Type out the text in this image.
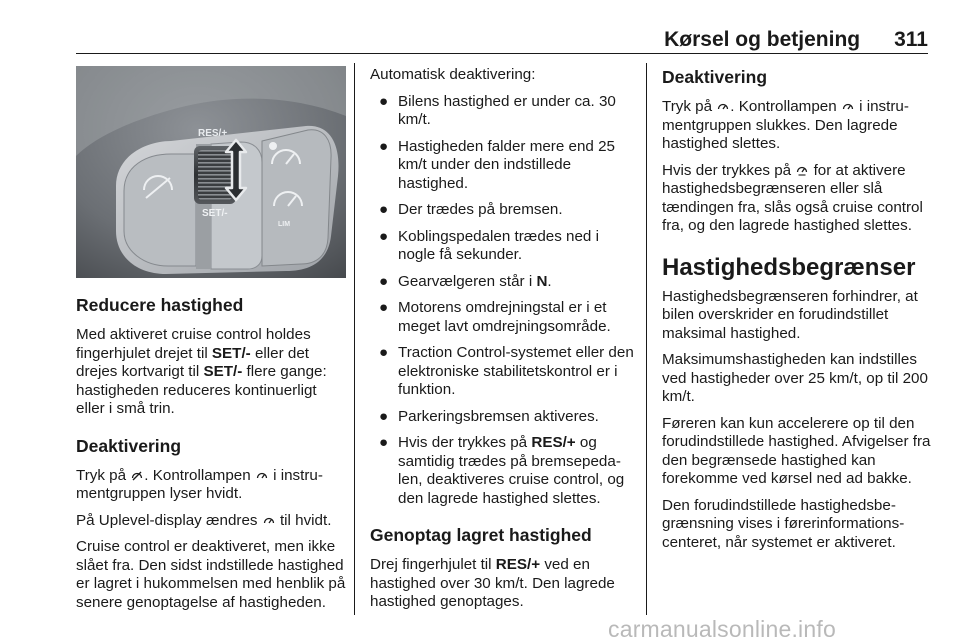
Kørsel og betjening 311
RES/+
SET/-
LIM
Reducere hastighed

Med aktiveret cruise control holdes fingerhjulet drejet til SET/- eller det drejes kortvarigt til SET/- flere gange: hastigheden reduceres kontinuerligt eller i små trin.

Deaktivering

Tryk på . Kontrollampen  i instrumentgruppen lyser hvidt.

På Uplevel-display ændres  til hvidt.

Cruise control er deaktiveret, men ikke slået fra. Den sidst indstillede hastighed er lagret i hukommelsen med henblik på senere genoptagelse af hastigheden.

Automatisk deaktivering:

● Bilens hastighed er under ca. 30 km/t.
● Hastigheden falder mere end 25 km/t under den indstillede hastighed.
● Der trædes på bremsen.
● Koblingspedalen trædes ned i nogle få sekunder.
● Gearvælgeren står i N.
● Motorens omdrejningstal er i et meget lavt omdrejningsområde.
● Traction Control-systemet eller den elektroniske stabilitetskontrol er i funktion.
● Parkeringsbremsen aktiveres.
● Hvis der trykkes på RES/+ og samtidig trædes på bremsepedalen, deaktiveres cruise control, og den lagrede hastighed slettes.
Genoptag lagret hastighed

Drej fingerhjulet til RES/+ ved en hastighed over 30 km/t. Den lagrede hastighed genoptages.

Deaktivering

Tryk på . Kontrollampen  i instrumentgruppen slukkes. Den lagrede hastighed slettes.

Hvis der trykkes på  for at aktivere hastighedsbegrænseren eller slå tændingen fra, slås også cruise control fra, og den lagrede hastighed slettes.

Hastighedsbegrænser

Hastighedsbegrænseren forhindrer, at bilen overskrider en forudindstillet maksimal hastighed.

Maksimumshastigheden kan indstilles ved hastigheder over 25 km/t, op til 200 km/t.

Føreren kan kun accelerere op til den forudindstillede hastighed. Afvigelser fra den begrænsede hastighed kan forekomme ved kørsel ned ad bakke.

Den forudindstillede hastighedsbegrænsning vises i førerinformationscenteret, når systemet er aktiveret.

carmanualsonline.info
